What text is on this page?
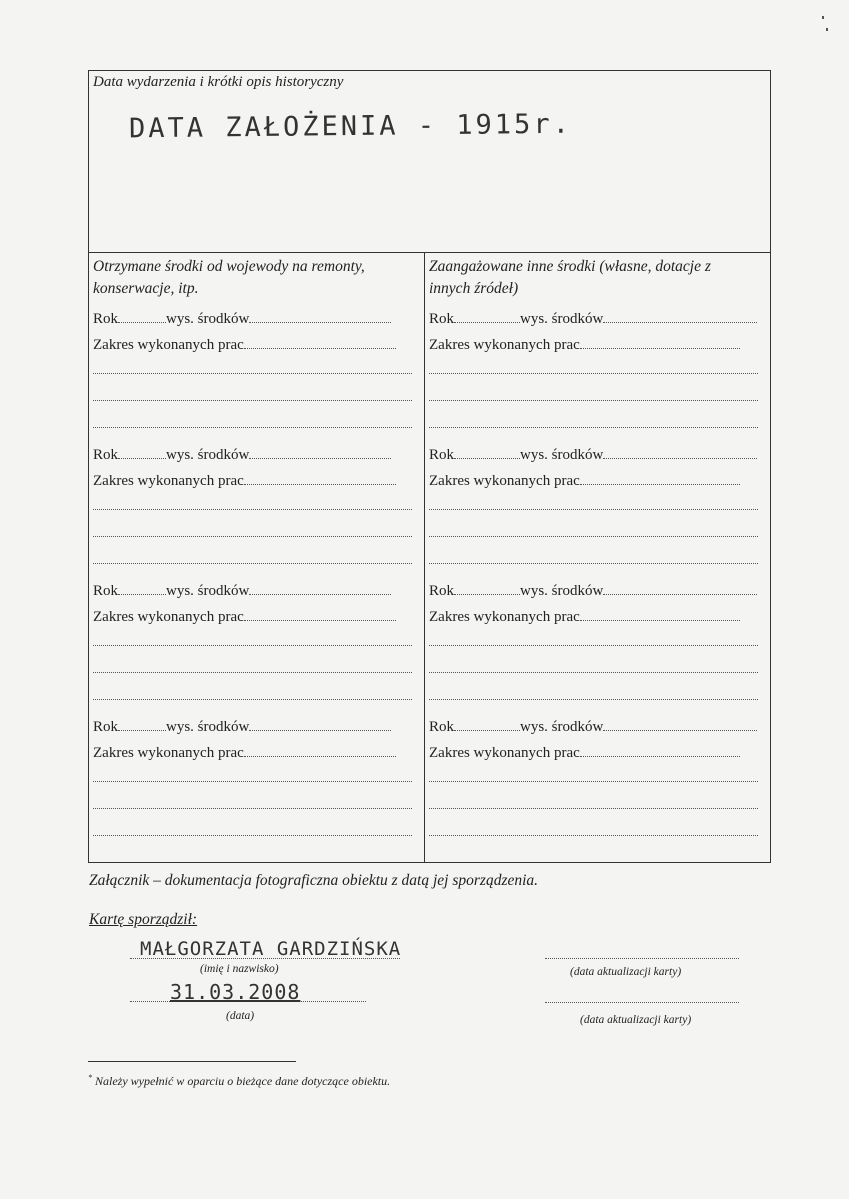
Data wydarzenia i krótki opis historyczny
DATA ZAŁOŻENIA - 1915r.
Otrzymane środki od wojewody na remonty, konserwacje, itp.
Rok	wys. środków
Zakres wykonanych prac
Rok	wys. środków
Zakres wykonanych prac
Rok	wys. środków
Zakres wykonanych prac
Rok	wys. środków
Zakres wykonanych prac
Zaangażowane inne środki (własne, dotacje z innych źródeł)
Rok	wys. środków
Zakres wykonanych prac
Rok	wys. środków
Zakres wykonanych prac
Rok	wys. środków
Zakres wykonanych prac
Rok	wys. środków
Zakres wykonanych prac
Załącznik – dokumentacja fotograficzna obiektu z datą jej sporządzenia.
Kartę sporządził:
MAŁGORZATA GARDZIŃSKA
(imię i nazwisko)
31.03.2008
(data)
(data aktualizacji karty)
(data aktualizacji karty)
* Należy wypełnić w oparciu o bieżące dane dotyczące obiektu.
